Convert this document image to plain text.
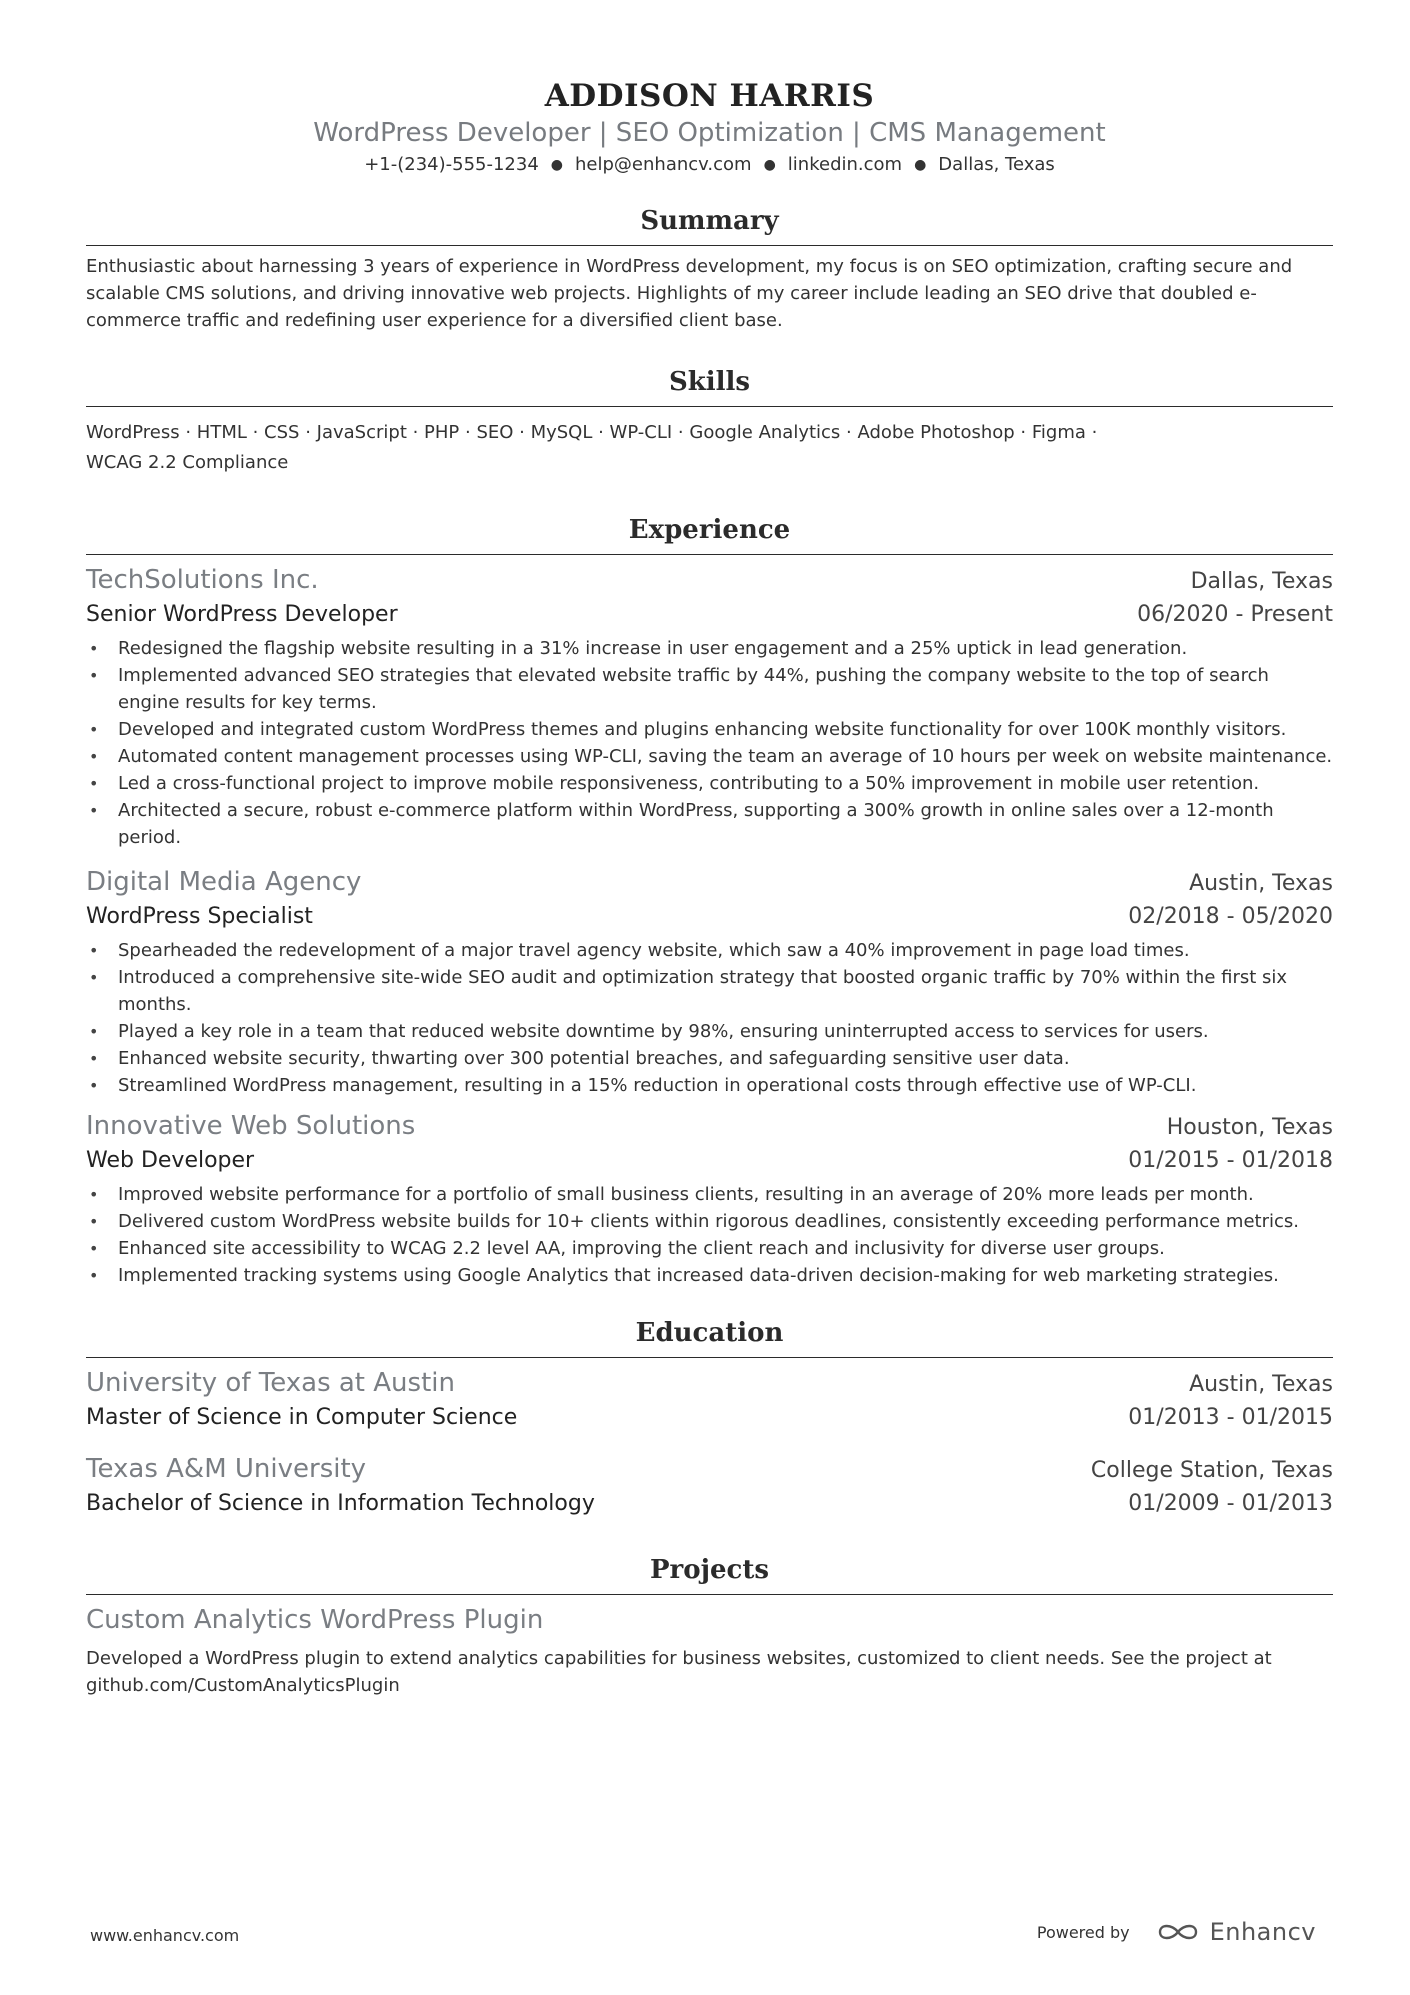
ADDISON HARRIS
WordPress Developer | SEO Optimization | CMS Management
+1-(234)-555-1234 ● help@enhancv.com ● linkedin.com ● Dallas, Texas
Summary
Enthusiastic about harnessing 3 years of experience in WordPress development, my focus is on SEO optimization, crafting secure and scalable CMS solutions, and driving innovative web projects. Highlights of my career include leading an SEO drive that doubled e-commerce traffic and redefining user experience for a diversified client base.
Skills
WordPress · HTML · CSS · JavaScript · PHP · SEO · MySQL · WP-CLI · Google Analytics · Adobe Photoshop · Figma ·
WCAG 2.2 Compliance
Experience
TechSolutions Inc.	Dallas, Texas
Senior WordPress Developer	06/2020 - Present
• Redesigned the flagship website resulting in a 31% increase in user engagement and a 25% uptick in lead generation.
• Implemented advanced SEO strategies that elevated website traffic by 44%, pushing the company website to the top of search engine results for key terms.
• Developed and integrated custom WordPress themes and plugins enhancing website functionality for over 100K monthly visitors.
• Automated content management processes using WP-CLI, saving the team an average of 10 hours per week on website maintenance.
• Led a cross-functional project to improve mobile responsiveness, contributing to a 50% improvement in mobile user retention.
• Architected a secure, robust e-commerce platform within WordPress, supporting a 300% growth in online sales over a 12-month period.
Digital Media Agency	Austin, Texas
WordPress Specialist	02/2018 - 05/2020
• Spearheaded the redevelopment of a major travel agency website, which saw a 40% improvement in page load times.
• Introduced a comprehensive site-wide SEO audit and optimization strategy that boosted organic traffic by 70% within the first six months.
• Played a key role in a team that reduced website downtime by 98%, ensuring uninterrupted access to services for users.
• Enhanced website security, thwarting over 300 potential breaches, and safeguarding sensitive user data.
• Streamlined WordPress management, resulting in a 15% reduction in operational costs through effective use of WP-CLI.
Innovative Web Solutions	Houston, Texas
Web Developer	01/2015 - 01/2018
• Improved website performance for a portfolio of small business clients, resulting in an average of 20% more leads per month.
• Delivered custom WordPress website builds for 10+ clients within rigorous deadlines, consistently exceeding performance metrics.
• Enhanced site accessibility to WCAG 2.2 level AA, improving the client reach and inclusivity for diverse user groups.
• Implemented tracking systems using Google Analytics that increased data-driven decision-making for web marketing strategies.
Education
University of Texas at Austin	Austin, Texas
Master of Science in Computer Science	01/2013 - 01/2015
Texas A&M University	College Station, Texas
Bachelor of Science in Information Technology	01/2009 - 01/2013
Projects
Custom Analytics WordPress Plugin
Developed a WordPress plugin to extend analytics capabilities for business websites, customized to client needs. See the project at github.com/CustomAnalyticsPlugin
www.enhancv.com	Powered by	Enhancv
